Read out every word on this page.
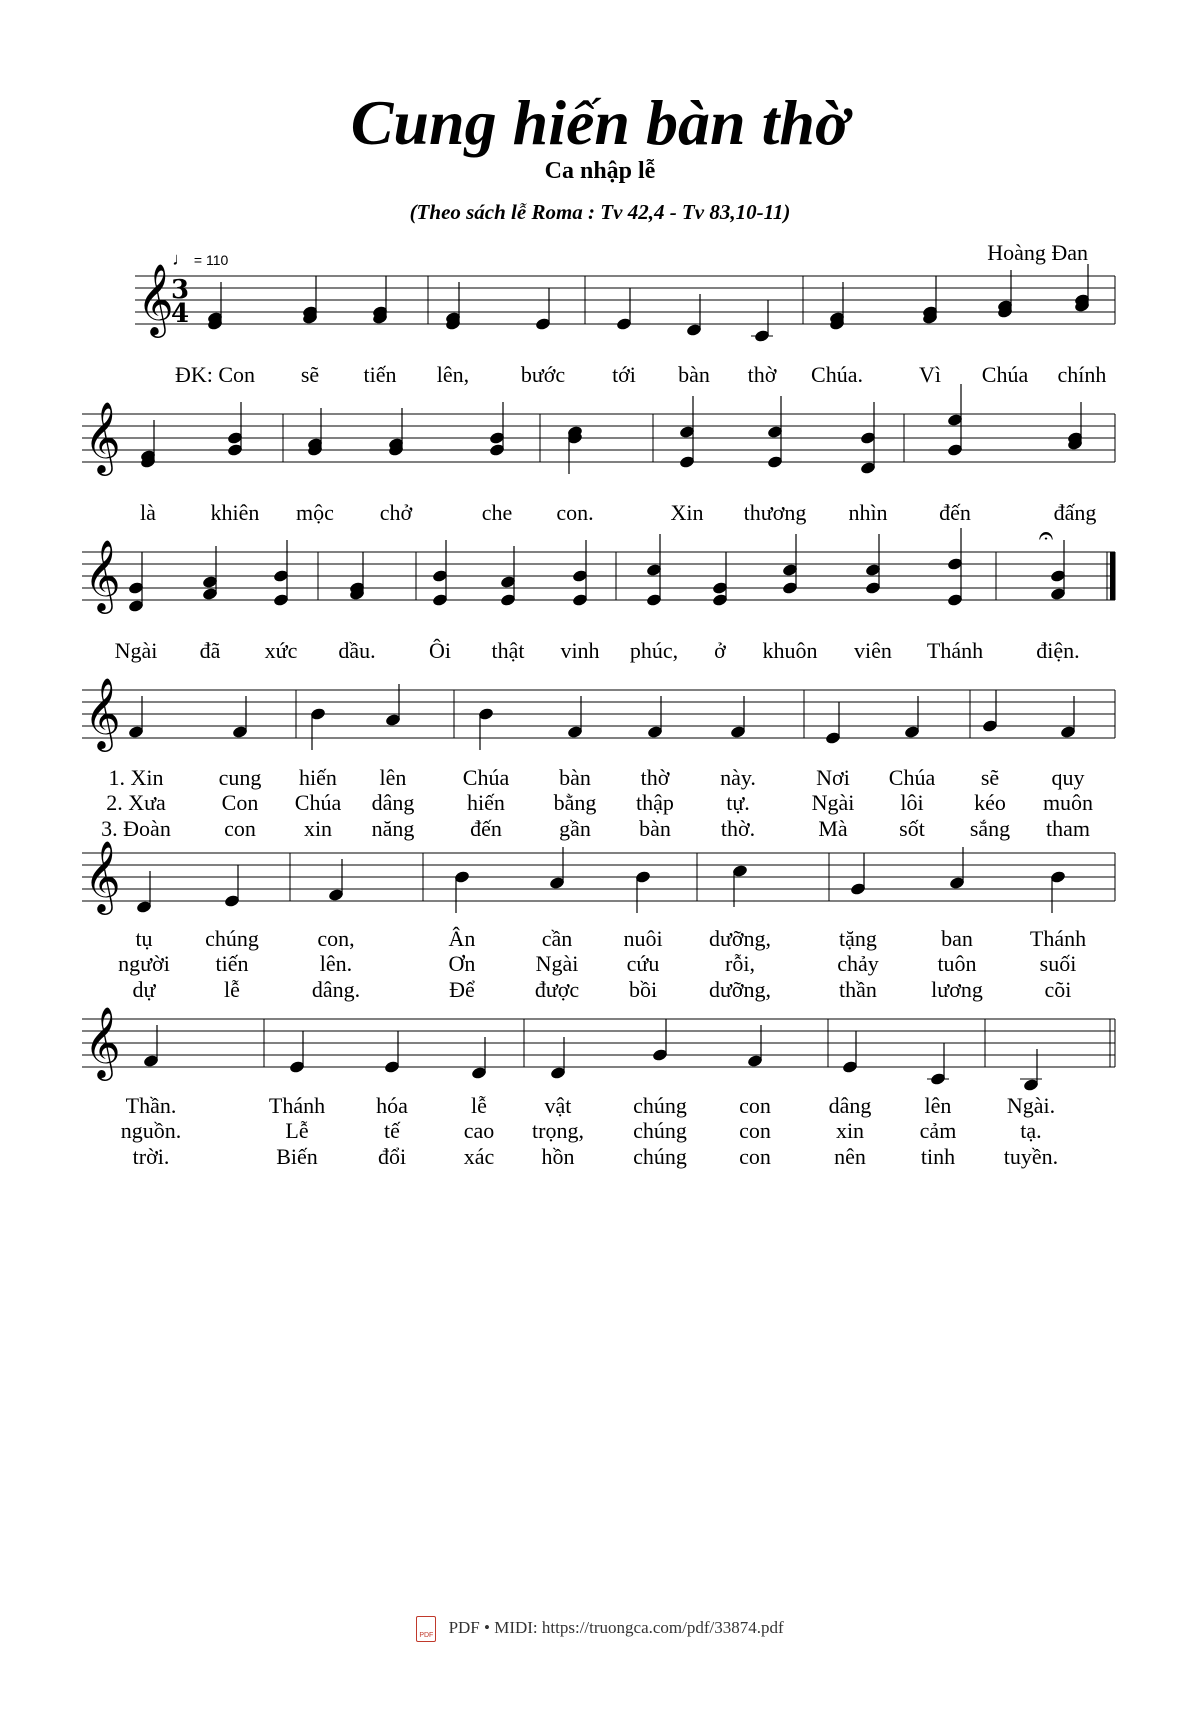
Cung hiến bàn thờ
Ca nhập lễ
(Theo sách lễ Roma : Tv 42,4 - Tv 83,10-11)
Hoàng Đan
♩ = 110
𝄞
3
4
ĐK: Con sẽ tiến lên, bước tới bàn thờ Chúa.	Vì Chúa chính
𝄞
là khiên mộc chở	che con.	Xin thương nhìn đến	đấng
𝄞
𝄐
Ngài đã xức dầu. Ôi thật vinh phúc, ở khuôn viên Thánh điện.
𝄞
1. Xin	cung hiến lên	Chúa bàn thờ này.	Nơi Chúa sẽ quy
2. Xưa	Con Chúa dâng hiến bằng thập tự.	Ngài lôi kéo muôn
3. Đoàn con xin năng	đến	gần bàn thờ.	Mà sốt sắng tham
𝄞
tụ chúng	con,	Ân	cần nuôi dưỡng,	tặng	ban	Thánh
người tiến	lên.	Ơn	Ngài cứu	rỗi,	chảy	tuôn	suối
dự	lễ	dâng.	Để	được bồi dưỡng,	thần lương	cõi
𝄞
Thần.	Thánh hóa	lễ	vật	chúng con	dâng lên	Ngài.
nguồn.	Lễ	tế	cao trọng, chúng con	xin	cảm	tạ.
trời.	Biến	đổi	xác hồn	chúng con	nên	tinh tuyền.
PDF PDF • MIDI: https://truongca.com/pdf/33874.pdf
